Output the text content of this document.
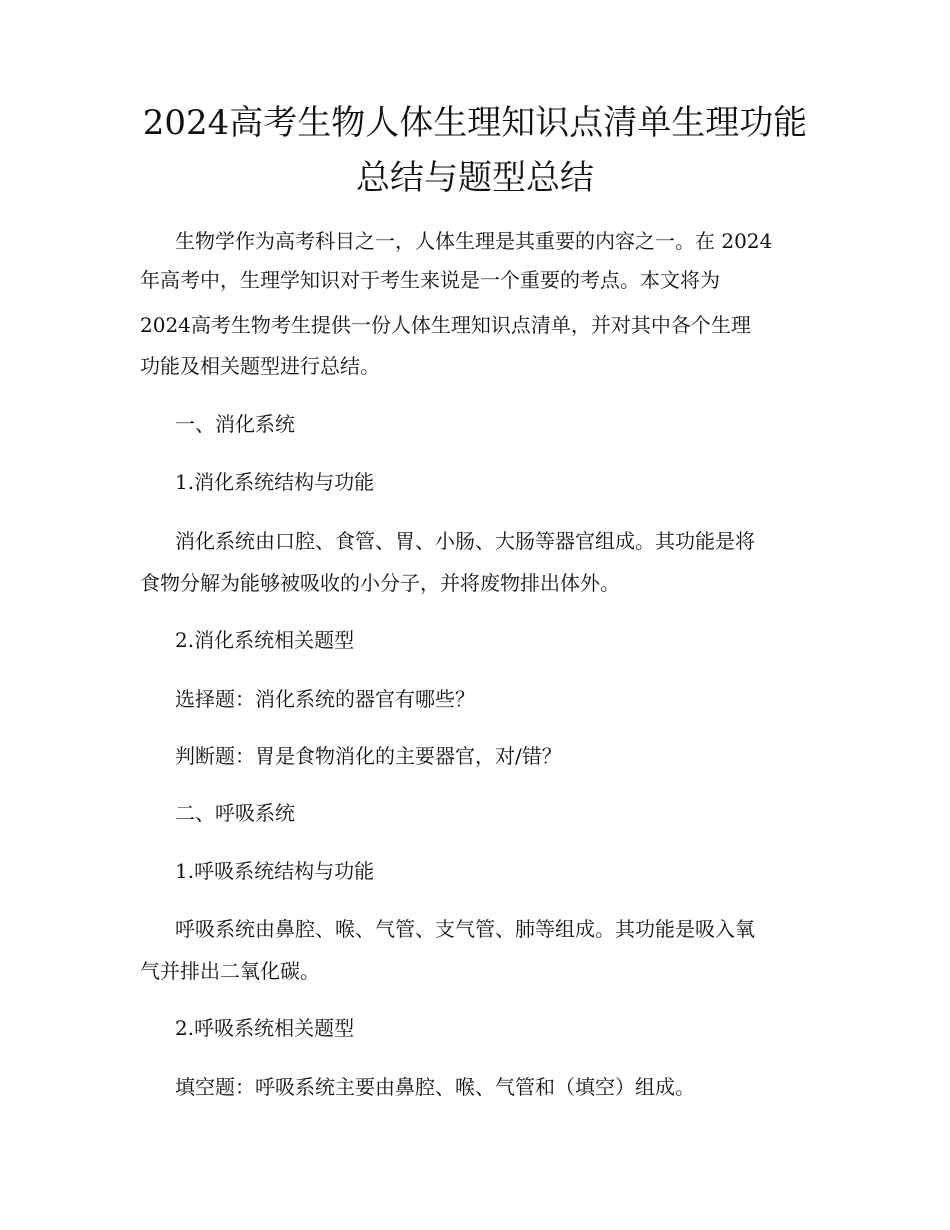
2024高考生物人体生理知识点清单生理功能
总结与题型总结

生物学作为高考科目之一，人体生理是其重要的内容之一。在 2024

年高考中，生理学知识对于考生来说是一个重要的考点。本文将为

2024高考生物考生提供一份人体生理知识点清单，并对其中各个生理

功能及相关题型进行总结。

一、消化系统

1.消化系统结构与功能

消化系统由口腔、食管、胃、小肠、大肠等器官组成。其功能是将

食物分解为能够被吸收的小分子，并将废物排出体外。

2.消化系统相关题型

选择题：消化系统的器官有哪些？

判断题：胃是食物消化的主要器官，对/错？

二、呼吸系统

1.呼吸系统结构与功能

呼吸系统由鼻腔、喉、气管、支气管、肺等组成。其功能是吸入氧

气并排出二氧化碳。

2.呼吸系统相关题型

填空题：呼吸系统主要由鼻腔、喉、气管和（填空）组成。
